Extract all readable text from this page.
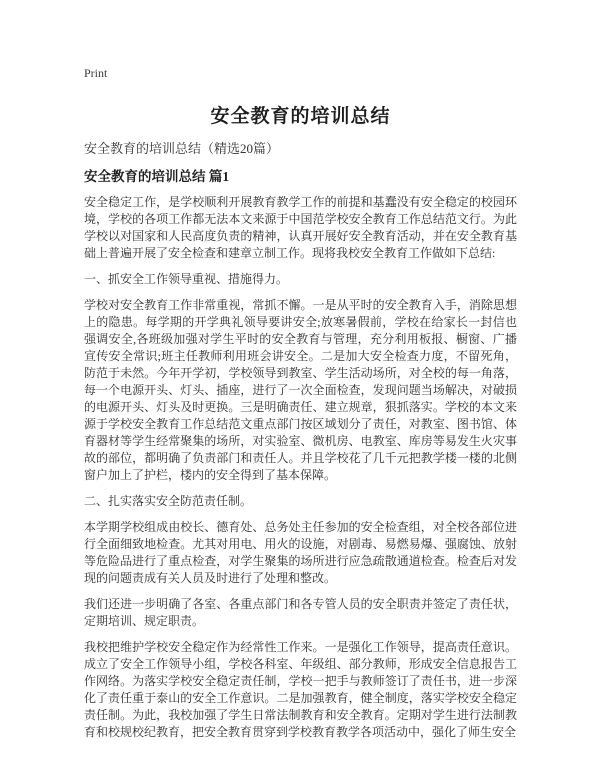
Print
安全教育的培训总结

安全教育的培训总结（精选20篇）

安全教育的培训总结 篇1

安全稳定工作，是学校顺利开展教育教学工作的前提和基蠢没有安全稳定的校园环境，学校的各项工作都无法本文来源于中国范学校安全教育工作总结范文行。为此学校以对国家和人民高度负责的精神，认真开展好安全教育活动，并在安全教育基础上普遍开展了安全检查和建章立制工作。现将我校安全教育工作做如下总结:

一、抓安全工作领导重视、措施得力。

学校对安全教育工作非常重视，常抓不懈。一是从平时的安全教育入手，消除思想上的隐患。每学期的开学典礼领导要讲安全;放寒暑假前，学校在给家长一封信也强调安全,各班级加强对学生平时的安全教育与管理，充分利用板报、橱窗、广播宣传安全常识;班主任教师利用班会讲安全。二是加大安全检查力度，不留死角，防范于未然。今年开学初，学校领导到教室、学生活动场所，对全校的每一角落，每一个电源开头、灯头、插座，进行了一次全面检查，发现问题当场解决，对破损的电源开头、灯头及时更换。三是明确责任、建立规章，狠抓落实。学校的本文来源于学校安全教育工作总结范文重点部门按区域划分了责任，对教室、图书馆、体育器材等学生经常聚集的场所，对实验室、微机房、电教室、库房等易发生火灾事故的部位，都明确了负责部门和责任人。并且学校花了几千元把教学楼一楼的北侧窗户加上了护栏，楼内的安全得到了基本保障。

二、扎实落实安全防范责任制。

本学期学校组成由校长、德育处、总务处主任参加的安全检查组，对全校各部位进行全面细致地检查。尤其对用电、用火的设施，对剧毒、易燃易爆、强腐蚀、放射等危险品进行了重点检查，对学生聚集的场所进行应急疏散通道检查。检查后对发现的问题责成有关人员及时进行了处理和整改。

我们还进一步明确了各室、各重点部门和各专管人员的安全职责并签定了责任状，定期培训、规定职责。

我校把维护学校安全稳定作为经常性工作来。一是强化工作领导，提高责任意识。成立了安全工作领导小组，学校各科室、年级组、部分教师，形成安全信息报告工作网络。为落实学校安全稳定责任制，学校一把手与教师签订了责任书，进一步深化了责任重于泰山的安全工作意识。二是加强教育，健全制度，落实学校安全稳定责任制。为此，我校加强了学生日常法制教育和安全教育。定期对学生进行法制教育和校规校纪教育，把安全教育贯穿到学校教育教学各项活动中，强化了师生安全
